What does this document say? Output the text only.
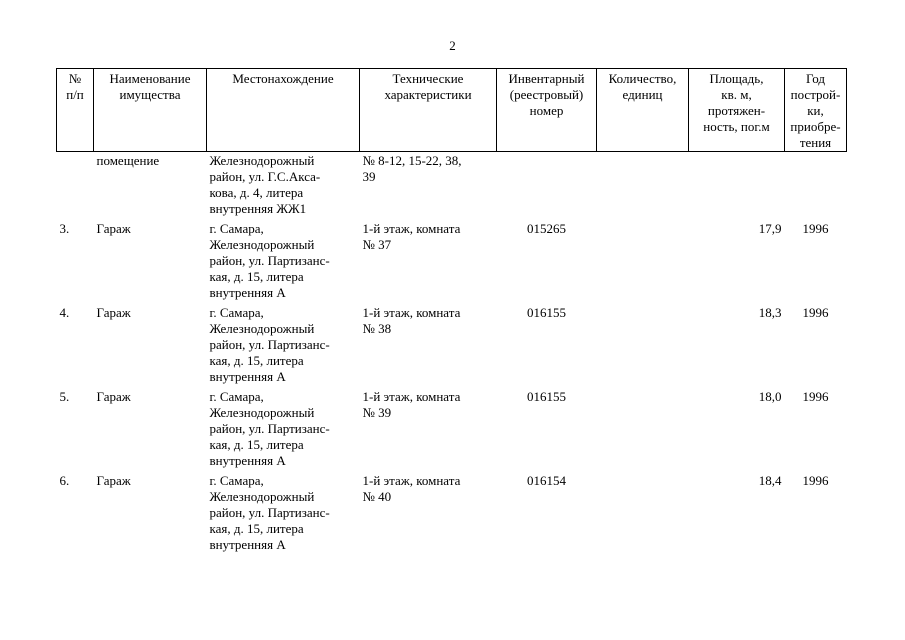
2
№
п/п	Наименование
имущества	Местонахождение	Технические
характеристики	Инвентарный
(реестровый)
номер	Количество,
единиц	Площадь,
кв. м,
протяжен-
ность, пог.м	Год
построй-
ки,
приобре-
тения
	помещение	Железнодорожный
район, ул. Г.С.Акса-
кова, д. 4, литера
внутренняя ЖЖ1	№ 8-12, 15-22, 38,
39				
3.	Гараж	г. Самара,
Железнодорожный
район, ул. Партизанс-
кая, д. 15, литера
внутренняя А	1-й этаж, комната
№ 37	015265		17,9	1996
4.	Гараж	г. Самара,
Железнодорожный
район, ул. Партизанс-
кая, д. 15, литера
внутренняя А	1-й этаж, комната
№ 38	016155		18,3	1996
5.	Гараж	г. Самара,
Железнодорожный
район, ул. Партизанс-
кая, д. 15, литера
внутренняя А	1-й этаж, комната
№ 39	016155		18,0	1996
6.	Гараж	г. Самара,
Железнодорожный
район, ул. Партизанс-
кая, д. 15, литера
внутренняя А	1-й этаж, комната
№ 40	016154		18,4	1996
